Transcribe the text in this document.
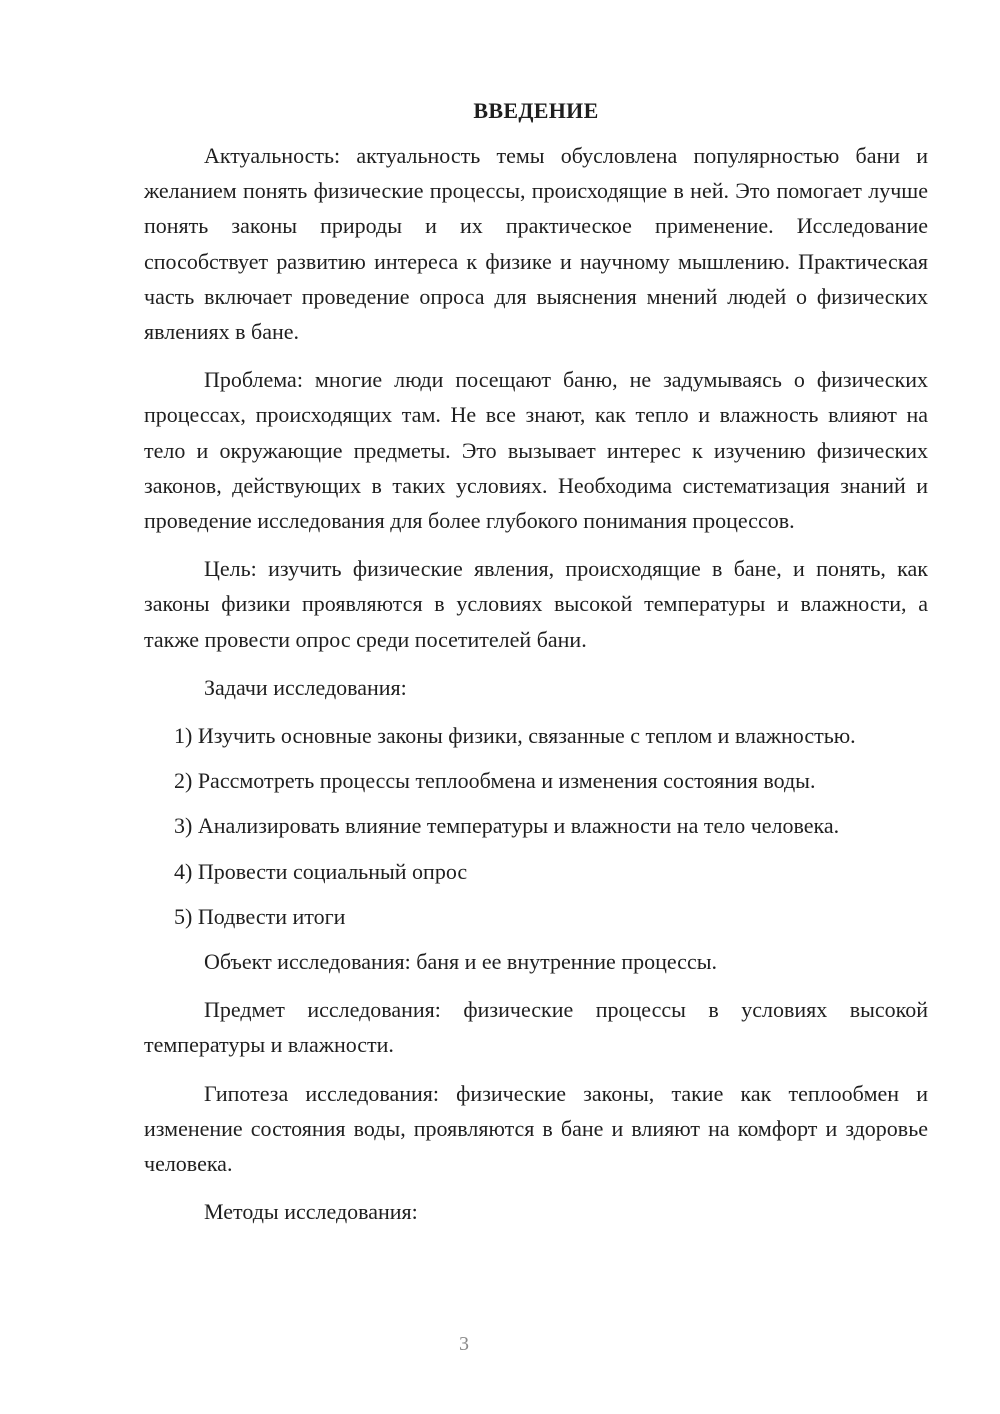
ВВЕДЕНИЕ

Актуальность: актуальность темы обусловлена популярностью бани и желанием понять физические процессы, происходящие в ней. Это помогает лучше понять законы природы и их практическое применение. Исследование способствует развитию интереса к физике и научному мышлению. Практическая часть включает проведение опроса для выяснения мнений людей о физических явлениях в бане.

Проблема: многие люди посещают баню, не задумываясь о физических процессах, происходящих там. Не все знают, как тепло и влажность влияют на тело и окружающие предметы. Это вызывает интерес к изучению физических законов, действующих в таких условиях. Необходима систематизация знаний и проведение исследования для более глубокого понимания процессов.

Цель: изучить физические явления, происходящие в бане, и понять, как законы физики проявляются в условиях высокой температуры и влажности, а также провести опрос среди посетителей бани.

Задачи исследования:

1) Изучить основные законы физики, связанные с теплом и влажностью.

2) Рассмотреть процессы теплообмена и изменения состояния воды.

3) Анализировать влияние температуры и влажности на тело человека.

4) Провести социальный опрос

5) Подвести итоги

Объект исследования: баня и ее внутренние процессы.

Предмет исследования: физические процессы в условиях высокой температуры и влажности.

Гипотеза исследования: физические законы, такие как теплообмен и изменение состояния воды, проявляются в бане и влияют на комфорт и здоровье человека.

Методы исследования:

3
